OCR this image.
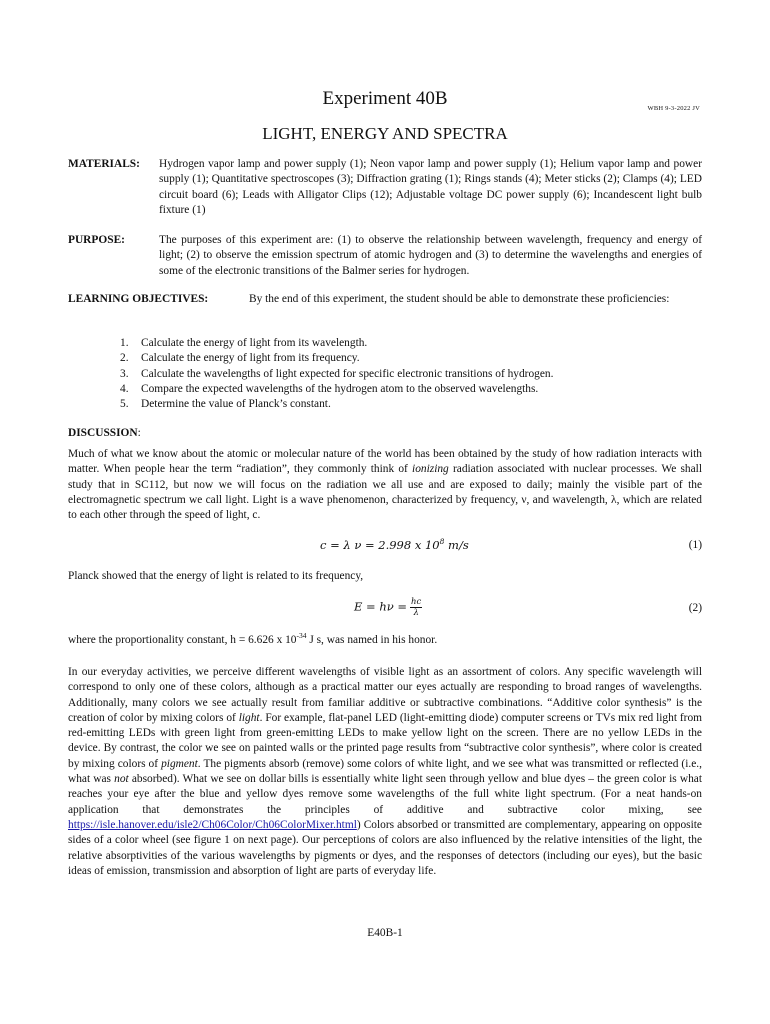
Experiment 40B	WBH 9-3-2022 JV
LIGHT, ENERGY AND SPECTRA
MATERIALS: Hydrogen vapor lamp and power supply (1); Neon vapor lamp and power supply (1); Helium vapor lamp and power supply (1); Quantitative spectroscopes (3); Diffraction grating (1); Rings stands (4); Meter sticks (2); Clamps (4); LED circuit board (6); Leads with Alligator Clips (12); Adjustable voltage DC power supply (6); Incandescent light bulb fixture (1)
PURPOSE:	The purposes of this experiment are: (1) to observe the relationship between wavelength, frequency and energy of light; (2) to observe the emission spectrum of atomic hydrogen and (3) to determine the wavelengths and energies of some of the electronic transitions of the Balmer series for hydrogen.
LEARNING OBJECTIVES:	By the end of this experiment, the student should be able to demonstrate these proficiencies:
1. Calculate the energy of light from its wavelength.
2. Calculate the energy of light from its frequency.
3. Calculate the wavelengths of light expected for specific electronic transitions of hydrogen.
4. Compare the expected wavelengths of the hydrogen atom to the observed wavelengths.
5. Determine the value of Planck’s constant.
DISCUSSION:
Much of what we know about the atomic or molecular nature of the world has been obtained by the study of how radiation interacts with matter. When people hear the term “radiation”, they commonly think of ionizing radiation associated with nuclear processes. We shall study that in SC112, but now we will focus on the radiation we all use and are exposed to daily; mainly the visible part of the electromagnetic spectrum we call light. Light is a wave phenomenon, characterized by frequency, ν, and wavelength, λ, which are related to each other through the speed of light, c.
c = λ ν = 2.998 x $10^8$ m/s	(1)
Planck showed that the energy of light is related to its frequency,
$E = h\nu = \frac{hc}{\lambda}$	(2)
where the proportionality constant, h = 6.626 x $10^{-34}$ J s, was named in his honor.
In our everyday activities, we perceive different wavelengths of visible light as an assortment of colors. Any specific wavelength will correspond to only one of these colors, although as a practical matter our eyes actually are responding to broad ranges of wavelengths. Additionally, many colors we see actually result from familiar additive or subtractive combinations. “Additive color synthesis” is the creation of color by mixing colors of light. For example, flat-panel LED (light-emitting diode) computer screens or TVs mix red light from red-emitting LEDs with green light from green-emitting LEDs to make yellow light on the screen. There are no yellow LEDs in the device. By contrast, the color we see on painted walls or the printed page results from “subtractive color synthesis”, where color is created by mixing colors of pigment. The pigments absorb (remove) some colors of white light, and we see what was transmitted or reflected (i.e., what was not absorbed). What we see on dollar bills is essentially white light seen through yellow and blue dyes – the green color is what reaches your eye after the blue and yellow dyes remove some wavelengths of the full white light spectrum. (For a neat hands-on application that demonstrates the principles of additive and subtractive color mixing, see https://isle.hanover.edu/isle2/Ch06Color/Ch06ColorMixer.html) Colors absorbed or transmitted are complementary, appearing on opposite sides of a color wheel (see figure 1 on next page). Our perceptions of colors are also influenced by the relative intensities of the light, the relative absorptivities of the various wavelengths by pigments or dyes, and the responses of detectors (including our eyes), but the basic ideas of emission, transmission and absorption of light are parts of everyday life.
E40B-1
